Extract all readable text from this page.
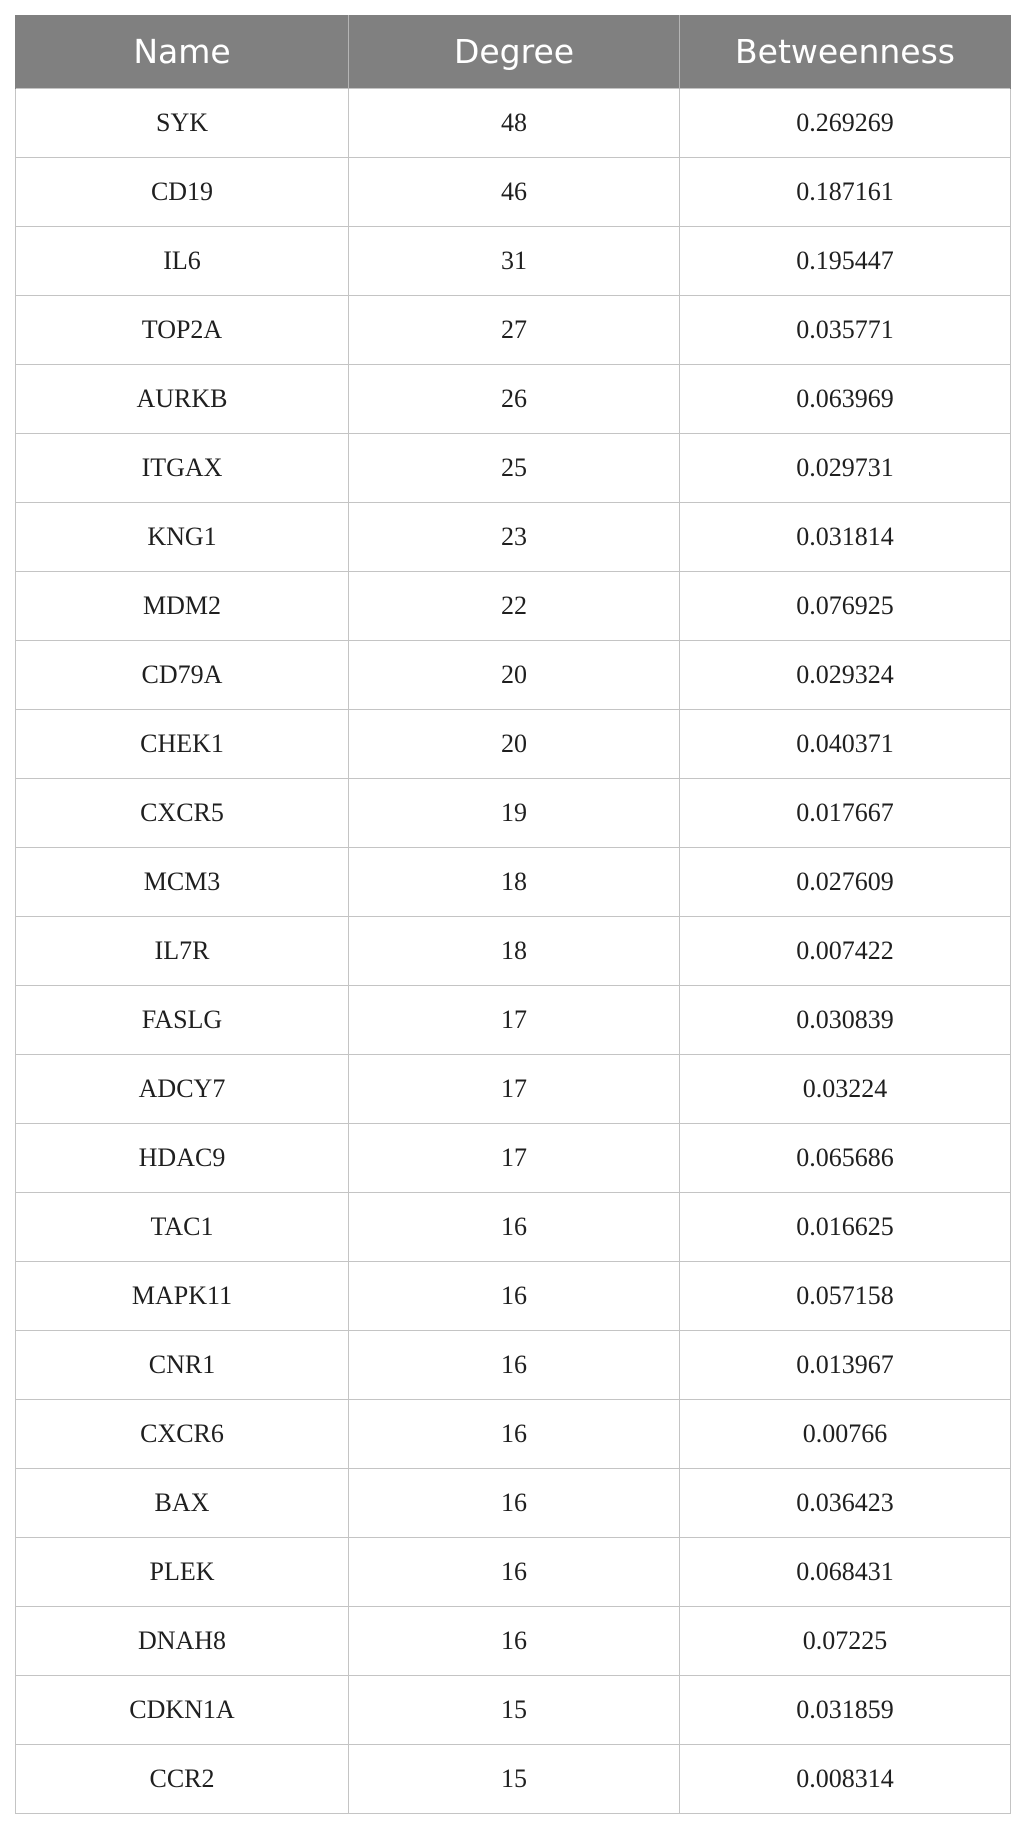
Name	Degree	Betweenness
SYK	48	0.269269
CD19	46	0.187161
IL6	31	0.195447
TOP2A	27	0.035771
AURKB	26	0.063969
ITGAX	25	0.029731
KNG1	23	0.031814
MDM2	22	0.076925
CD79A	20	0.029324
CHEK1	20	0.040371
CXCR5	19	0.017667
MCM3	18	0.027609
IL7R	18	0.007422
FASLG	17	0.030839
ADCY7	17	0.03224
HDAC9	17	0.065686
TAC1	16	0.016625
MAPK11	16	0.057158
CNR1	16	0.013967
CXCR6	16	0.00766
BAX	16	0.036423
PLEK	16	0.068431
DNAH8	16	0.07225
CDKN1A	15	0.031859
CCR2	15	0.008314
